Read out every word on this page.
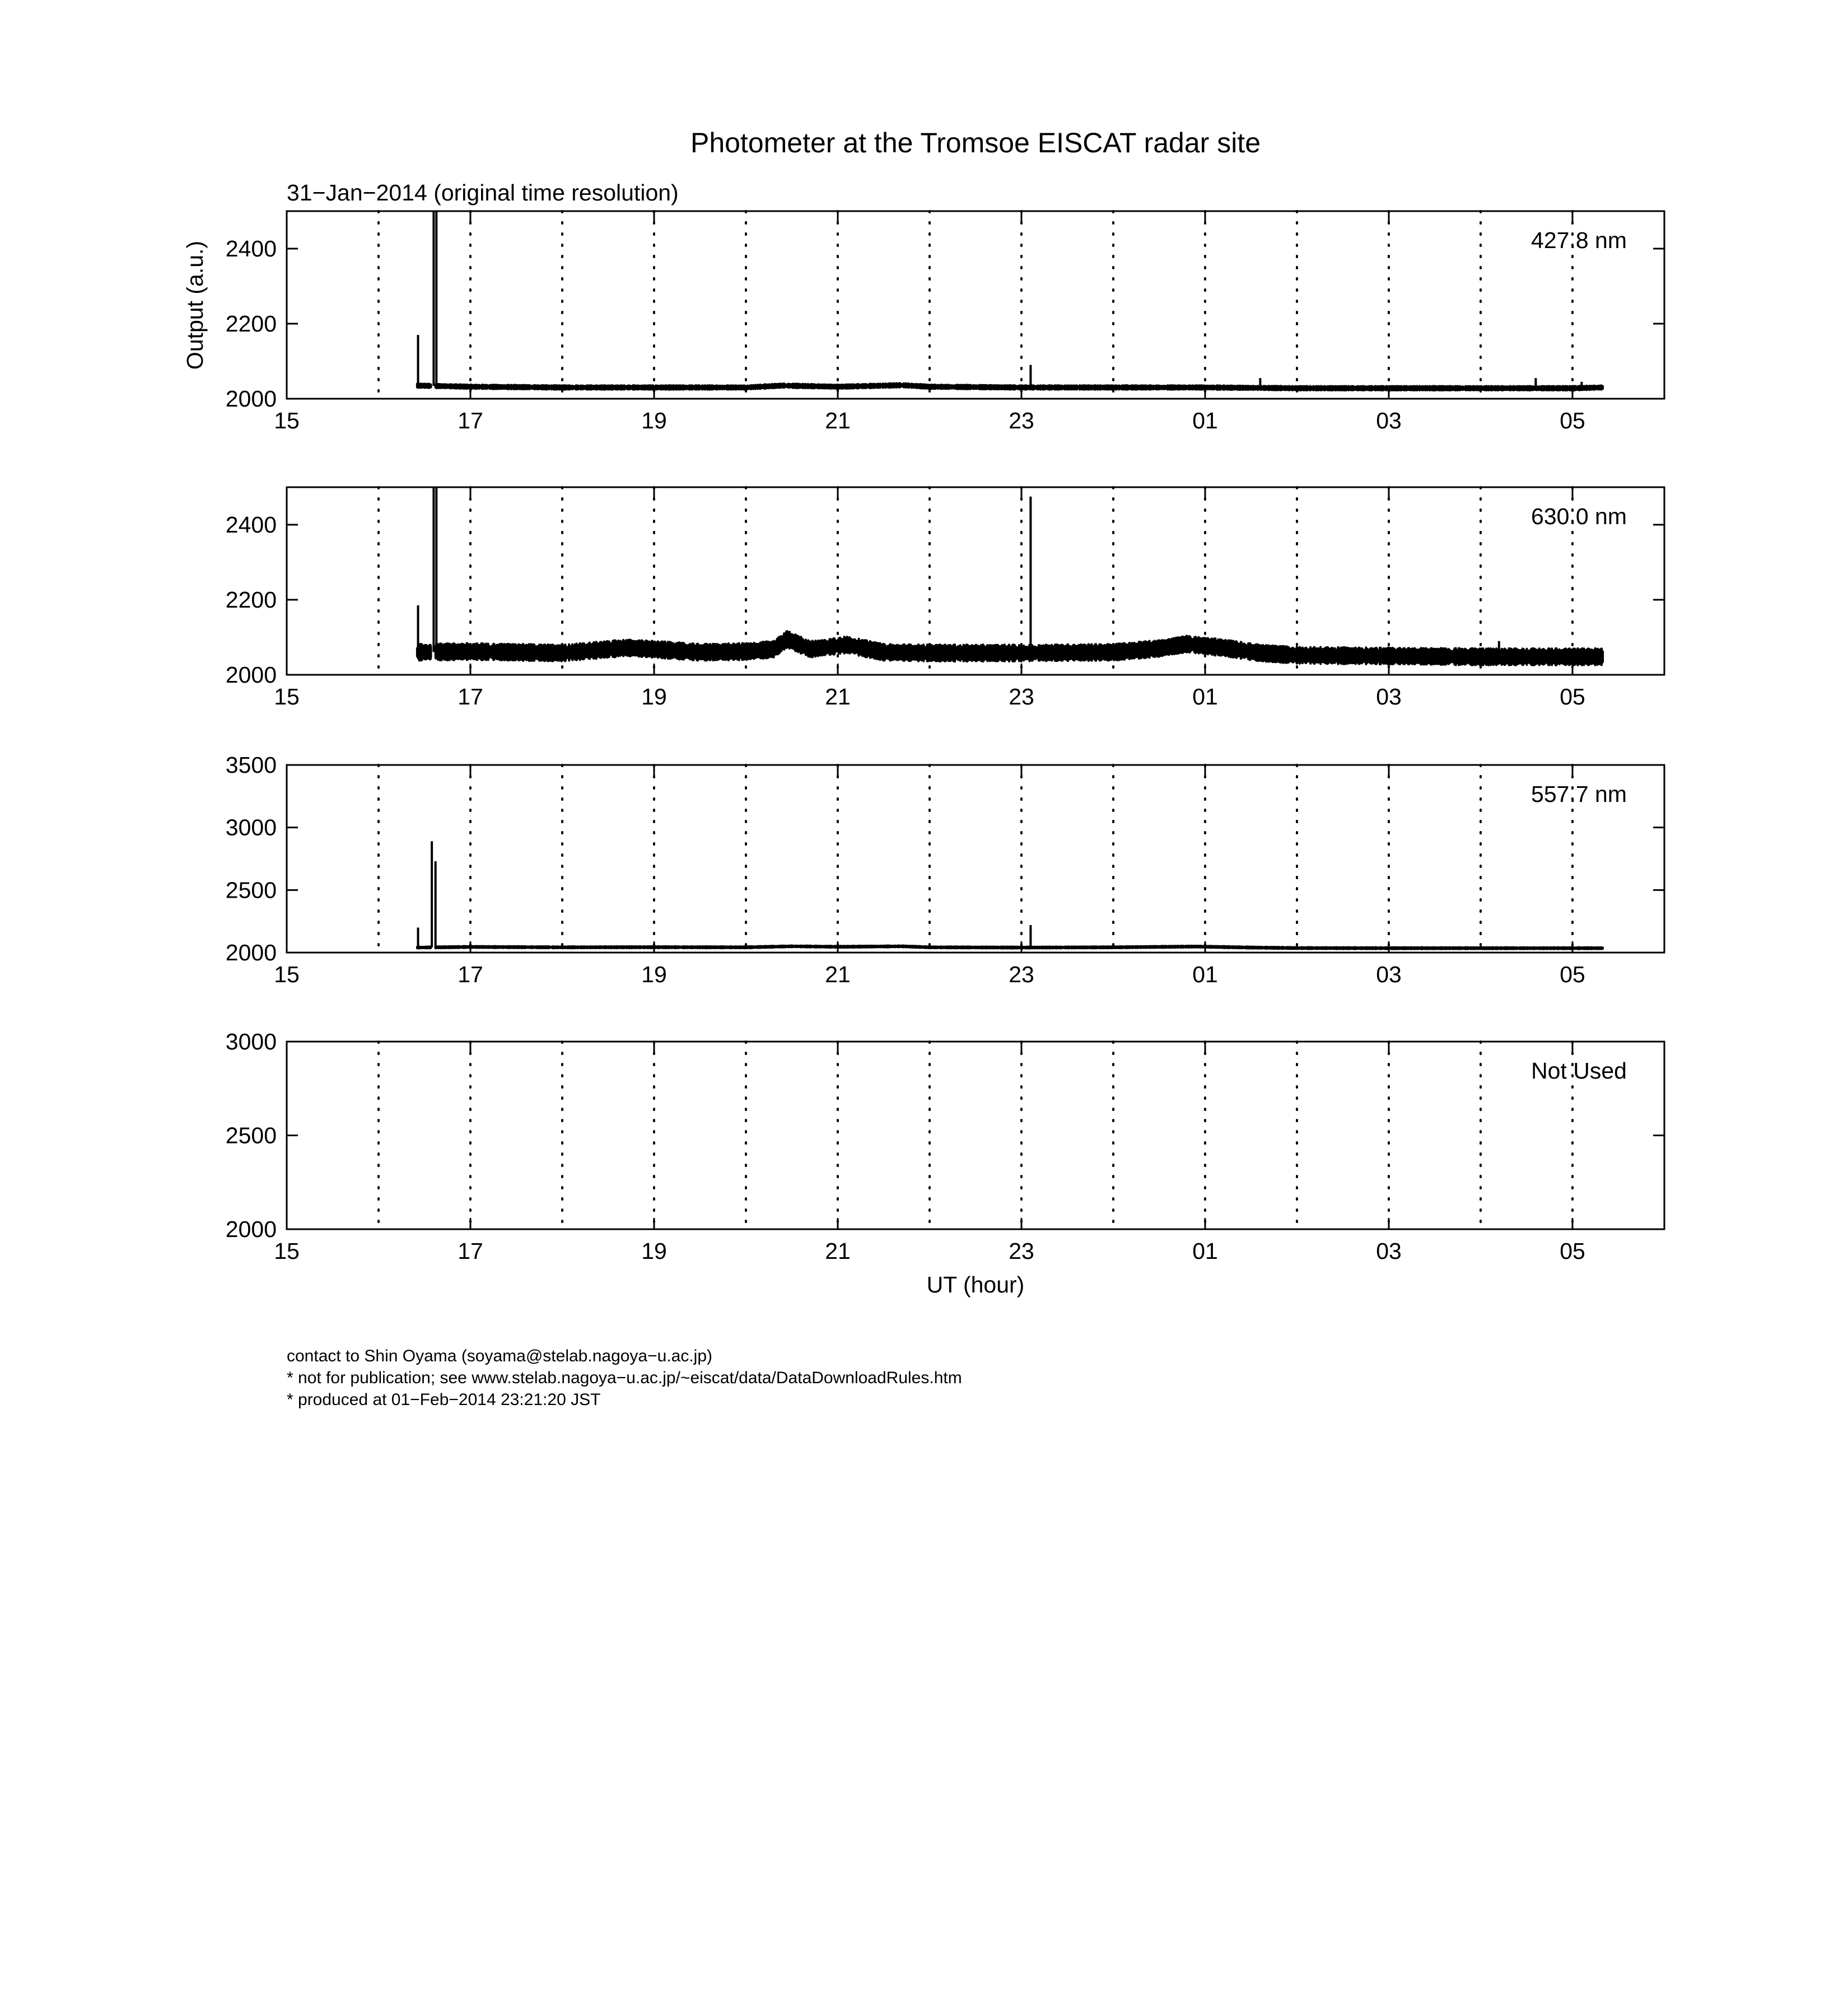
Photometer at the Tromsoe EISCAT radar site
31−Jan−2014 (original time resolution)
Output (a.u.)
UT (hour)
15	17	19	21	23	01	03	05
2000
2200
2400	427.8 nm
15	17	19	21	23	01	03	05
2000
2200
2400	630.0 nm
15	17	19	21	23	01	03	05
2000
2500
3000
3500
557.7 nm
15	17	19	21	23	01	03	05
2000
2500
3000
Not Used
contact to Shin Oyama (soyama@stelab.nagoya−u.ac.jp)
* not for publication; see www.stelab.nagoya−u.ac.jp/~eiscat/data/DataDownloadRules.htm
* produced at 01−Feb−2014 23:21:20 JST
